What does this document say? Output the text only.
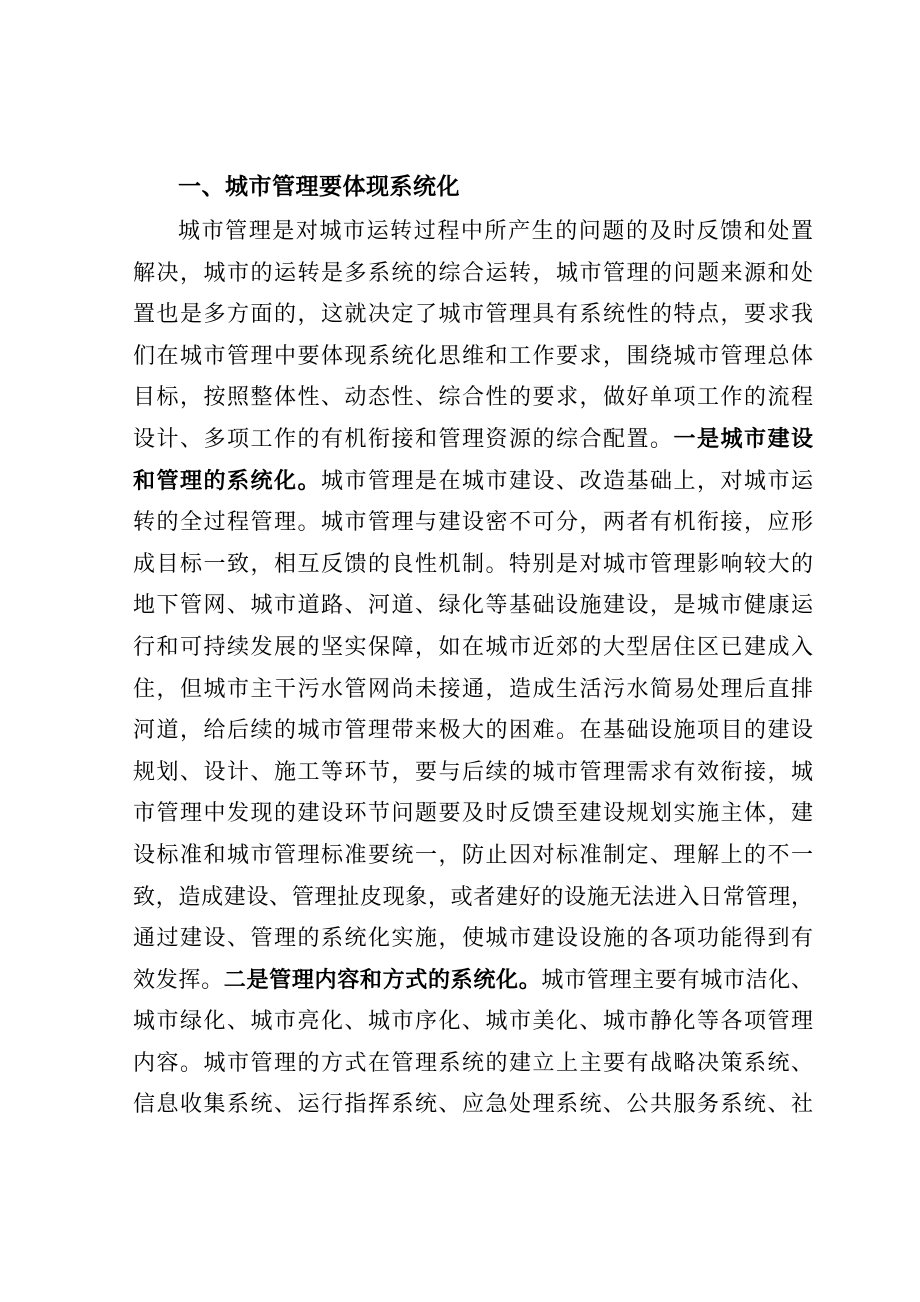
一、城市管理要体现系统化
城市管理是对城市运转过程中所产生的问题的及时反馈和处置
解决，城市的运转是多系统的综合运转，城市管理的问题来源和处
置也是多方面的，这就决定了城市管理具有系统性的特点，要求我
们在城市管理中要体现系统化思维和工作要求，围绕城市管理总体
目标，按照整体性、动态性、综合性的要求，做好单项工作的流程
设计、多项工作的有机衔接和管理资源的综合配置。一是城市建设
和管理的系统化。城市管理是在城市建设、改造基础上，对城市运
转的全过程管理。城市管理与建设密不可分，两者有机衔接，应形
成目标一致，相互反馈的良性机制。特别是对城市管理影响较大的
地下管网、城市道路、河道、绿化等基础设施建设，是城市健康运
行和可持续发展的坚实保障，如在城市近郊的大型居住区已建成入
住，但城市主干污水管网尚未接通，造成生活污水简易处理后直排
河道，给后续的城市管理带来极大的困难。在基础设施项目的建设
规划、设计、施工等环节，要与后续的城市管理需求有效衔接，城
市管理中发现的建设环节问题要及时反馈至建设规划实施主体，建
设标准和城市管理标准要统一，防止因对标准制定、理解上的不一
致，造成建设、管理扯皮现象，或者建好的设施无法进入日常管理，
通过建设、管理的系统化实施，使城市建设设施的各项功能得到有
效发挥。二是管理内容和方式的系统化。城市管理主要有城市洁化、
城市绿化、城市亮化、城市序化、城市美化、城市静化等各项管理
内容。城市管理的方式在管理系统的建立上主要有战略决策系统、
信息收集系统、运行指挥系统、应急处理系统、公共服务系统、社
